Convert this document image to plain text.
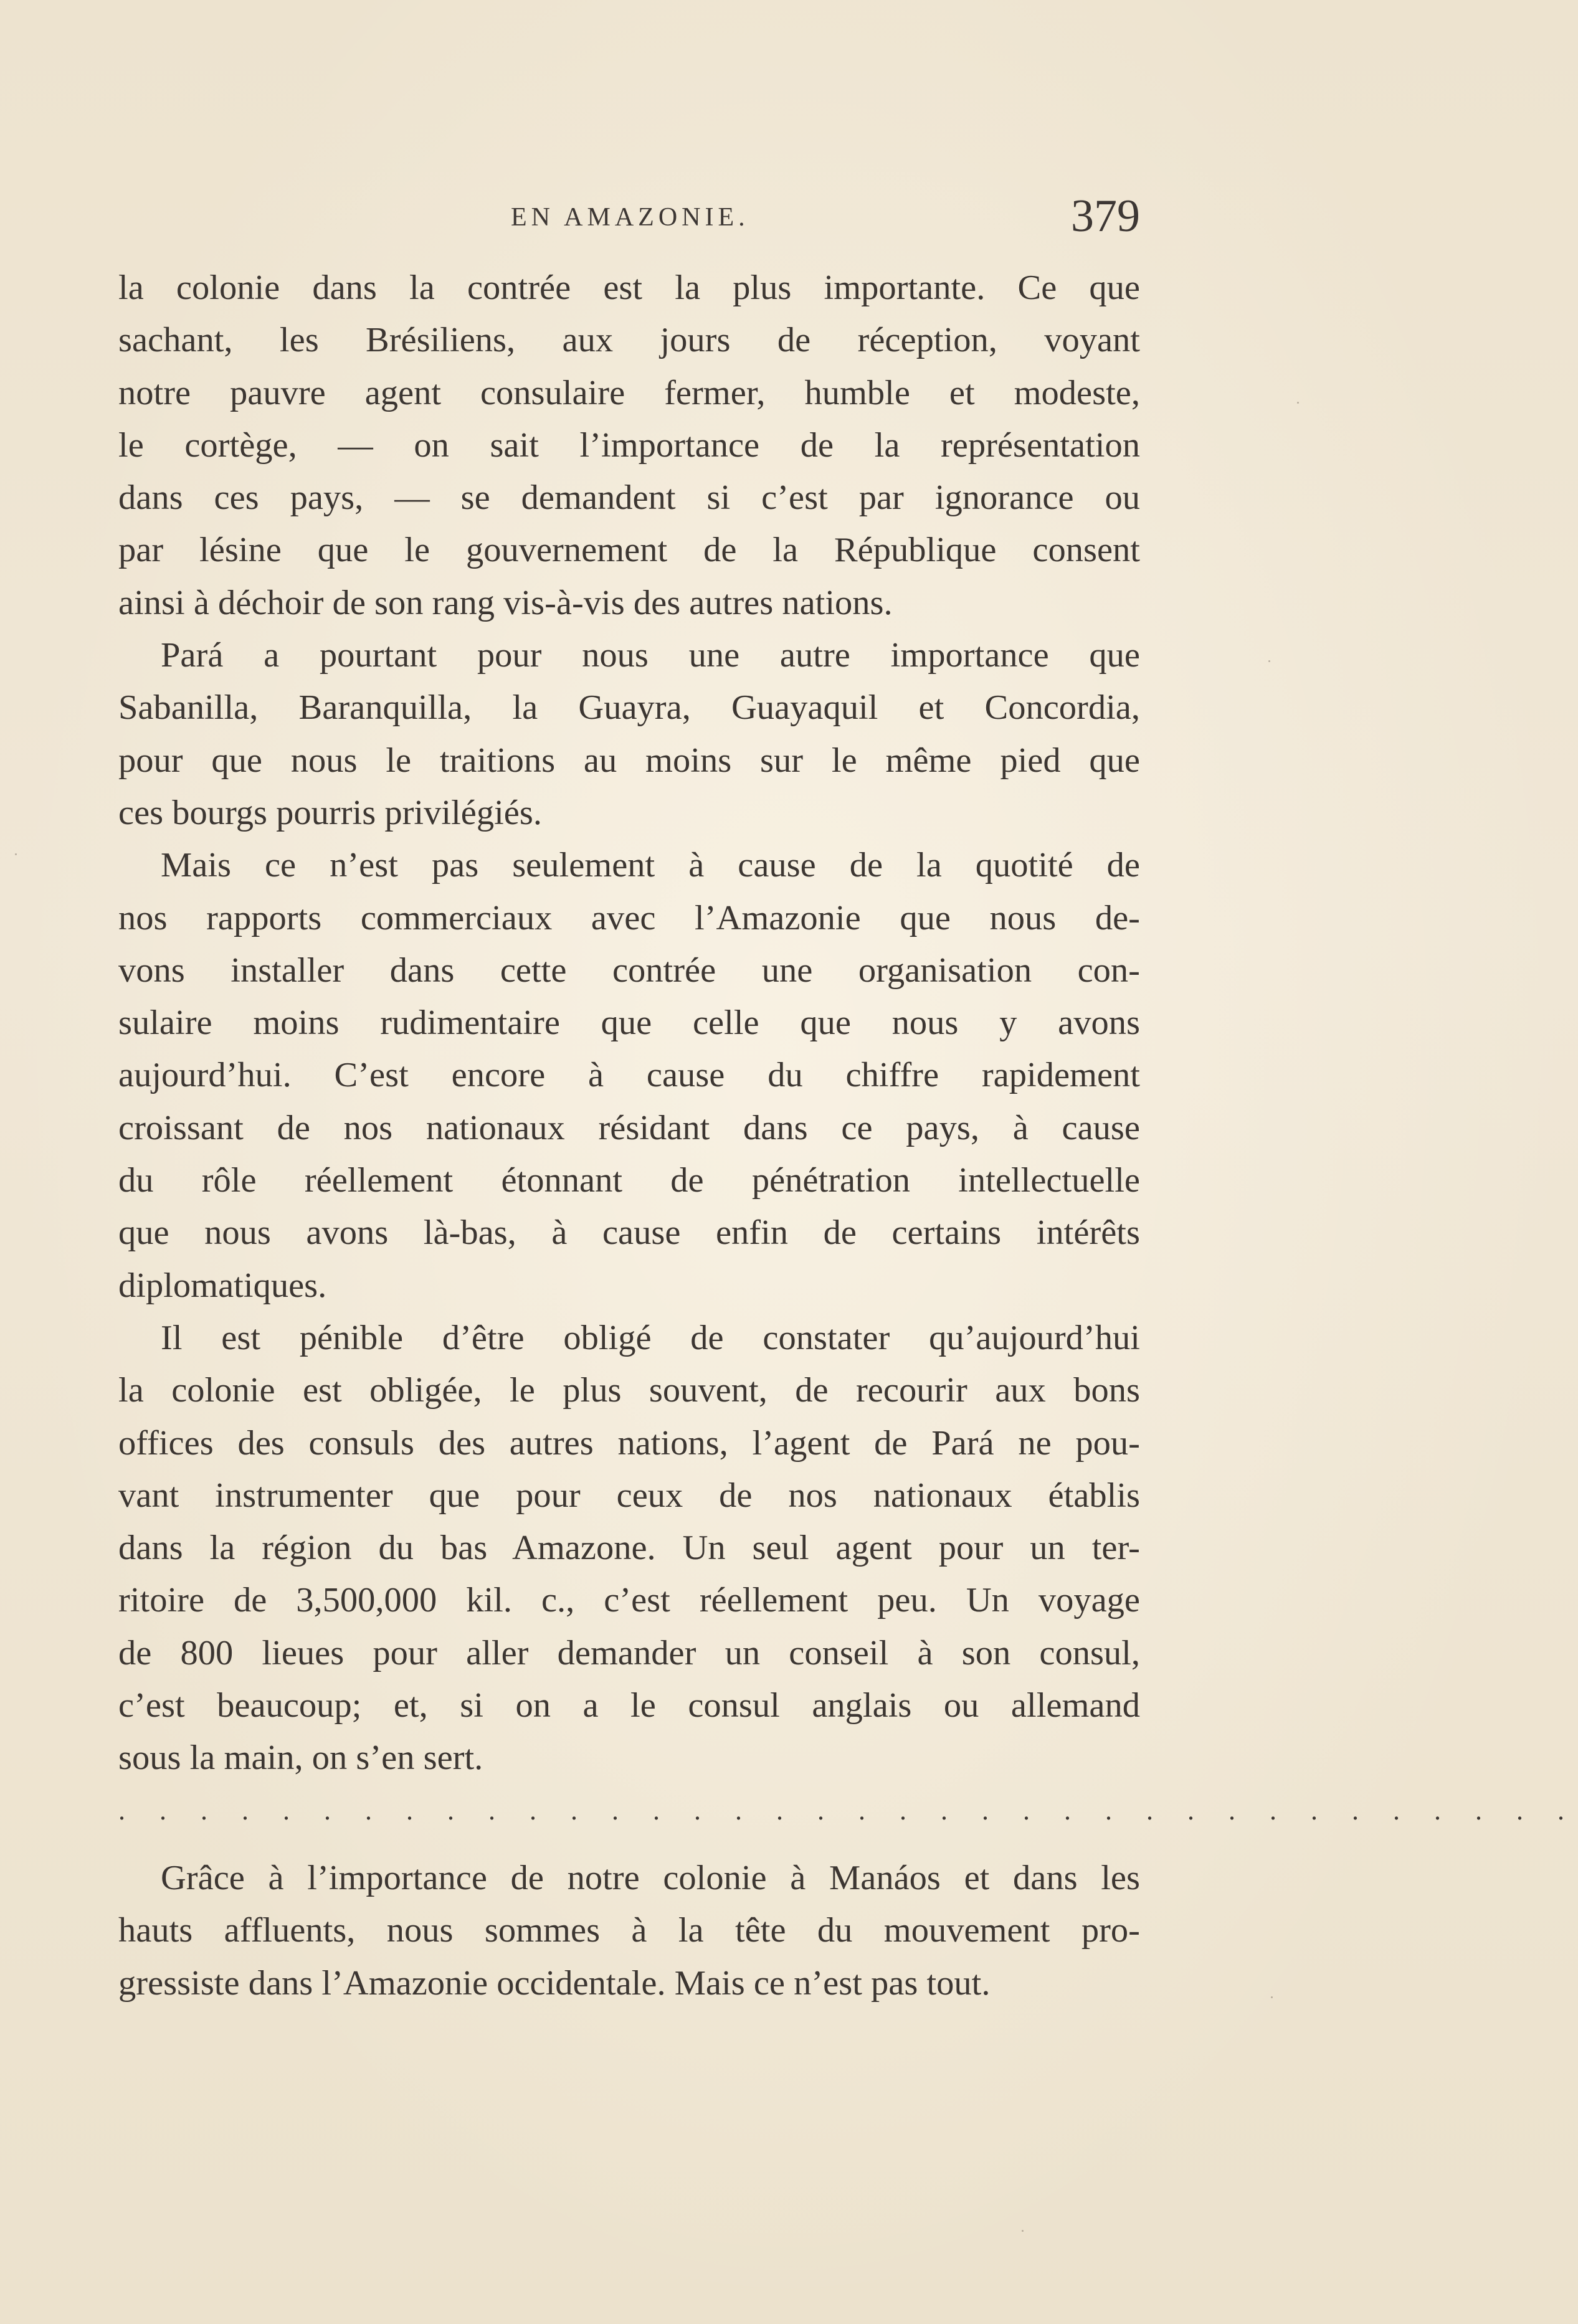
EN AMAZONIE.	379
la colonie dans la contrée est la plus importante. Ce que
sachant, les Brésiliens, aux jours de réception, voyant
notre pauvre agent consulaire fermer, humble et modeste,
le cortège, — on sait l’importance de la représentation
dans ces pays, — se demandent si c’est par ignorance ou
par lésine que le gouvernement de la République consent
ainsi à déchoir de son rang vis-à-vis des autres nations.
Pará a pourtant pour nous une autre importance que
Sabanilla, Baranquilla, la Guayra, Guayaquil et Concordia,
pour que nous le traitions au moins sur le même pied que
ces bourgs pourris privilégiés.
Mais ce n’est pas seulement à cause de la quotité de
nos rapports commerciaux avec l’Amazonie que nous de-
vons installer dans cette contrée une organisation con-
sulaire moins rudimentaire que celle que nous y avons
aujourd’hui. C’est encore à cause du chiffre rapidement
croissant de nos nationaux résidant dans ce pays, à cause
du rôle réellement étonnant de pénétration intellectuelle
que nous avons là-bas, à cause enfin de certains intérêts
diplomatiques.
Il est pénible d’être obligé de constater qu’aujourd’hui
la colonie est obligée, le plus souvent, de recourir aux bons
offices des consuls des autres nations, l’agent de Pará ne pou-
vant instrumenter que pour ceux de nos nationaux établis
dans la région du bas Amazone. Un seul agent pour un ter-
ritoire de 3,500,000 kil. c., c’est réellement peu. Un voyage
de 800 lieues pour aller demander un conseil à son consul,
c’est beaucoup; et, si on a le consul anglais ou allemand
sous la main, on s’en sert.
. . . . . . . . . . . . . . . . . . . . . . . . . . . . . . . . . . . .
Grâce à l’importance de notre colonie à Manáos et dans les
hauts affluents, nous sommes à la tête du mouvement pro-
gressiste dans l’Amazonie occidentale. Mais ce n’est pas tout.
